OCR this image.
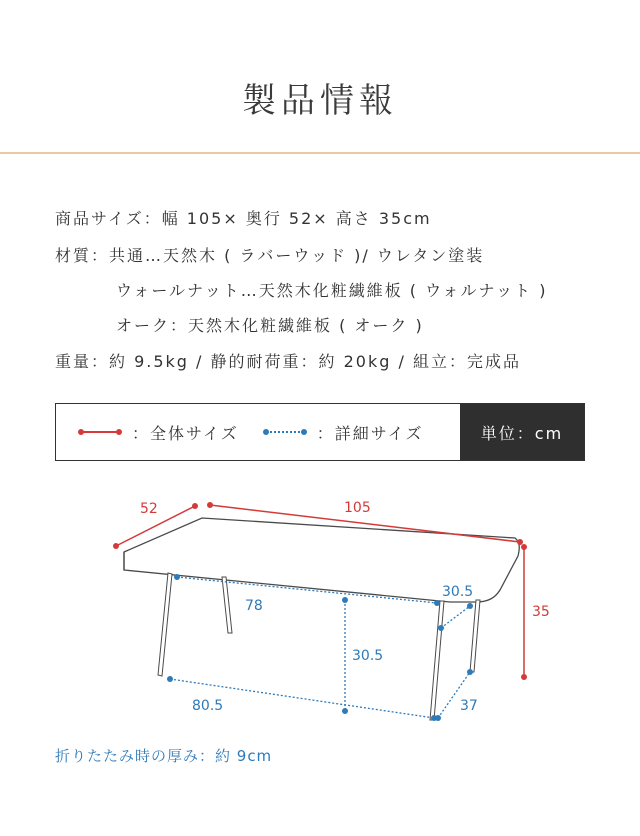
製品情報
商品サイズ：幅 105× 奥行 52× 高さ 35cm
材質：共通…天然木 ( ラバーウッド )/ ウレタン塗装
ウォールナット…天然木化粧繊維板 ( ウォルナット )
オーク：天然木化粧繊維板 ( オーク )
重量：約 9.5kg / 静的耐荷重：約 20kg / 組立：完成品
：全体サイズ	：詳細サイズ	単位：cm
52	105
35
78
30.5
30.5
80.5	37
折りたたみ時の厚み：約 9cm
